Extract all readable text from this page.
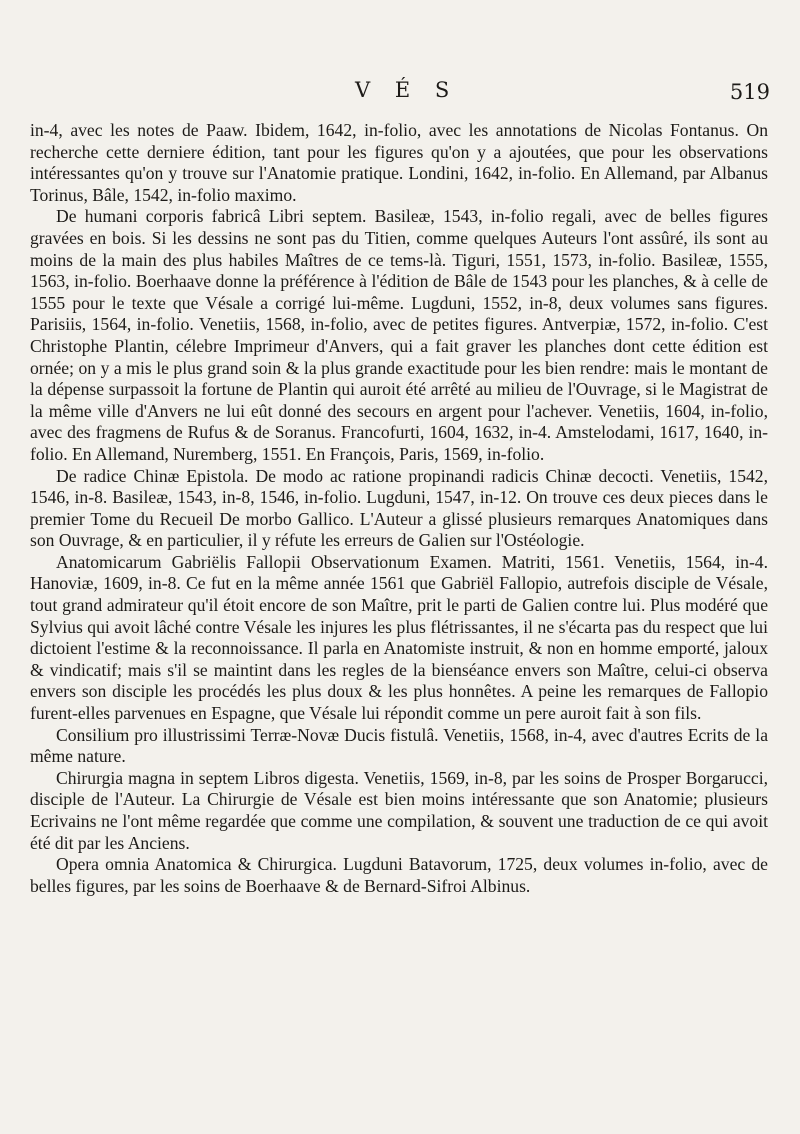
V É S	519

in-4, avec les notes de Paaw. Ibidem, 1642, in-folio, avec les annotations de Nicolas Fontanus. On recherche cette derniere édition, tant pour les figures qu'on y a ajoutées, que pour les observations intéressantes qu'on y trouve sur l'Anatomie pratique. Londini, 1642, in-folio. En Allemand, par Albanus Torinus, Bâle, 1542, in-folio maximo.

De humani corporis fabricâ Libri septem. Basileæ, 1543, in-folio regali, avec de belles figures gravées en bois. Si les dessins ne sont pas du Titien, comme quelques Auteurs l'ont assûré, ils sont au moins de la main des plus habiles Maîtres de ce tems-là. Tiguri, 1551, 1573, in-folio. Basileæ, 1555, 1563, in-folio. Boerhaave donne la préférence à l'édition de Bâle de 1543 pour les planches, & à celle de 1555 pour le texte que Vésale a corrigé lui-même. Lugduni, 1552, in-8, deux volumes sans figures. Parisiis, 1564, in-folio. Venetiis, 1568, in-folio, avec de petites figures. Antverpiæ, 1572, in-folio. C'est Christophe Plantin, célebre Imprimeur d'Anvers, qui a fait graver les planches dont cette édition est ornée; on y a mis le plus grand soin & la plus grande exactitude pour les bien rendre: mais le montant de la dépense surpassoit la fortune de Plantin qui auroit été arrêté au milieu de l'Ouvrage, si le Magistrat de la même ville d'Anvers ne lui eût donné des secours en argent pour l'achever. Venetiis, 1604, in-folio, avec des fragmens de Rufus & de Soranus. Francofurti, 1604, 1632, in-4. Amstelodami, 1617, 1640, in-folio. En Allemand, Nuremberg, 1551. En François, Paris, 1569, in-folio.

De radice Chinæ Epistola. De modo ac ratione propinandi radicis Chinæ decocti. Venetiis, 1542, 1546, in-8. Basileæ, 1543, in-8, 1546, in-folio. Lugduni, 1547, in-12. On trouve ces deux pieces dans le premier Tome du Recueil De morbo Gallico. L'Auteur a glissé plusieurs remarques Anatomiques dans son Ouvrage, & en particulier, il y réfute les erreurs de Galien sur l'Ostéologie.

Anatomicarum Gabriëlis Fallopii Observationum Examen. Matriti, 1561. Venetiis, 1564, in-4. Hanoviæ, 1609, in-8. Ce fut en la même année 1561 que Gabriël Fallopio, autrefois disciple de Vésale, tout grand admirateur qu'il étoit encore de son Maître, prit le parti de Galien contre lui. Plus modéré que Sylvius qui avoit lâché contre Vésale les injures les plus flétrissantes, il ne s'écarta pas du respect que lui dictoient l'estime & la reconnoissance. Il parla en Anatomiste instruit, & non en homme emporté, jaloux & vindicatif; mais s'il se maintint dans les regles de la bienséance envers son Maître, celui-ci observa envers son disciple les procédés les plus doux & les plus honnêtes. A peine les remarques de Fallopio furent-elles parvenues en Espagne, que Vésale lui répondit comme un pere auroit fait à son fils.

Consilium pro illustrissimi Terræ-Novæ Ducis fistulâ. Venetiis, 1568, in-4, avec d'autres Ecrits de la même nature.

Chirurgia magna in septem Libros digesta. Venetiis, 1569, in-8, par les soins de Prosper Borgarucci, disciple de l'Auteur. La Chirurgie de Vésale est bien moins intéressante que son Anatomie; plusieurs Ecrivains ne l'ont même regardée que comme une compilation, & souvent une traduction de ce qui avoit été dit par les Anciens.

Opera omnia Anatomica & Chirurgica. Lugduni Batavorum, 1725, deux volumes in-folio, avec de belles figures, par les soins de Boerhaave & de Bernard-Sifroi Albinus.
